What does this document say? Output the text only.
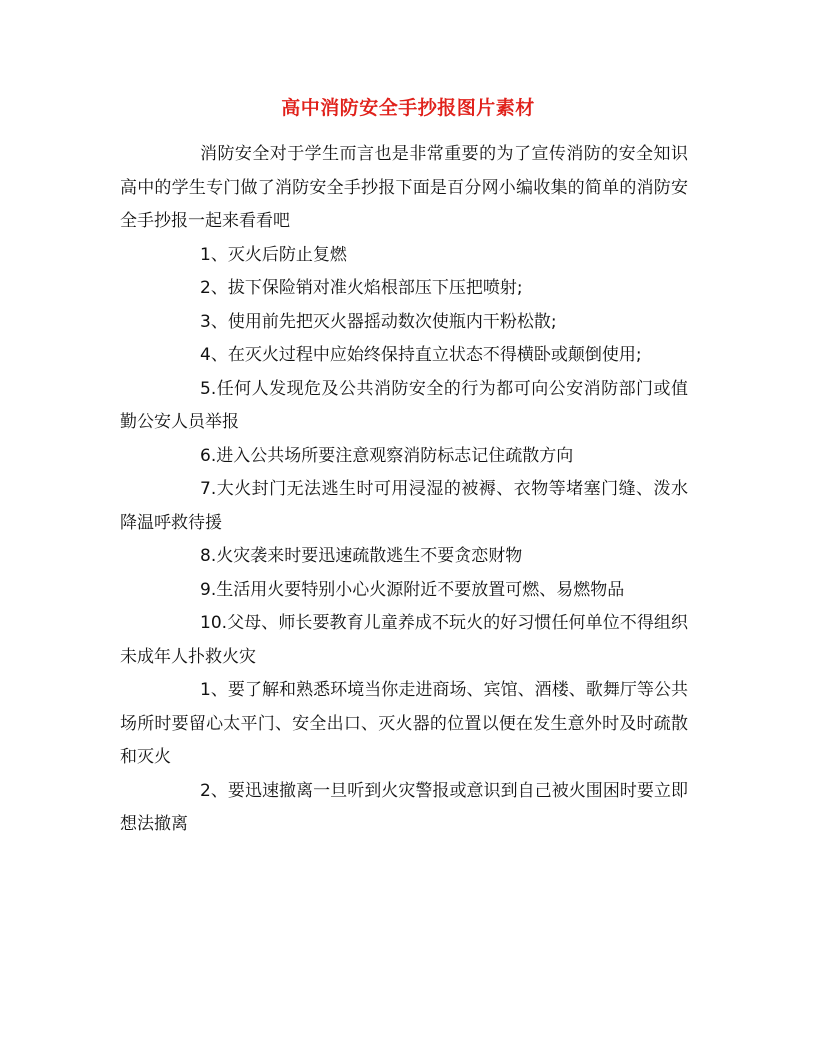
高中消防安全手抄报图片素材

消防安全对于学生而言也是非常重要的为了宣传消防的安全知识高中的学生专门做了消防安全手抄报下面是百分网小编收集的简单的消防安全手抄报一起来看看吧

1、灭火后防止复燃

2、拔下保险销对准火焰根部压下压把喷射;

3、使用前先把灭火器摇动数次使瓶内干粉松散;

4、在灭火过程中应始终保持直立状态不得横卧或颠倒使用;

5.任何人发现危及公共消防安全的行为都可向公安消防部门或值勤公安人员举报

6.进入公共场所要注意观察消防标志记住疏散方向

7.大火封门无法逃生时可用浸湿的被褥、衣物等堵塞门缝、泼水降温呼救待援

8.火灾袭来时要迅速疏散逃生不要贪恋财物

9.生活用火要特别小心火源附近不要放置可燃、易燃物品

10.父母、师长要教育儿童养成不玩火的好习惯任何单位不得组织未成年人扑救火灾

1、要了解和熟悉环境当你走进商场、宾馆、酒楼、歌舞厅等公共场所时要留心太平门、安全出口、灭火器的位置以便在发生意外时及时疏散和灭火

2、要迅速撤离一旦听到火灾警报或意识到自己被火围困时要立即想法撤离
